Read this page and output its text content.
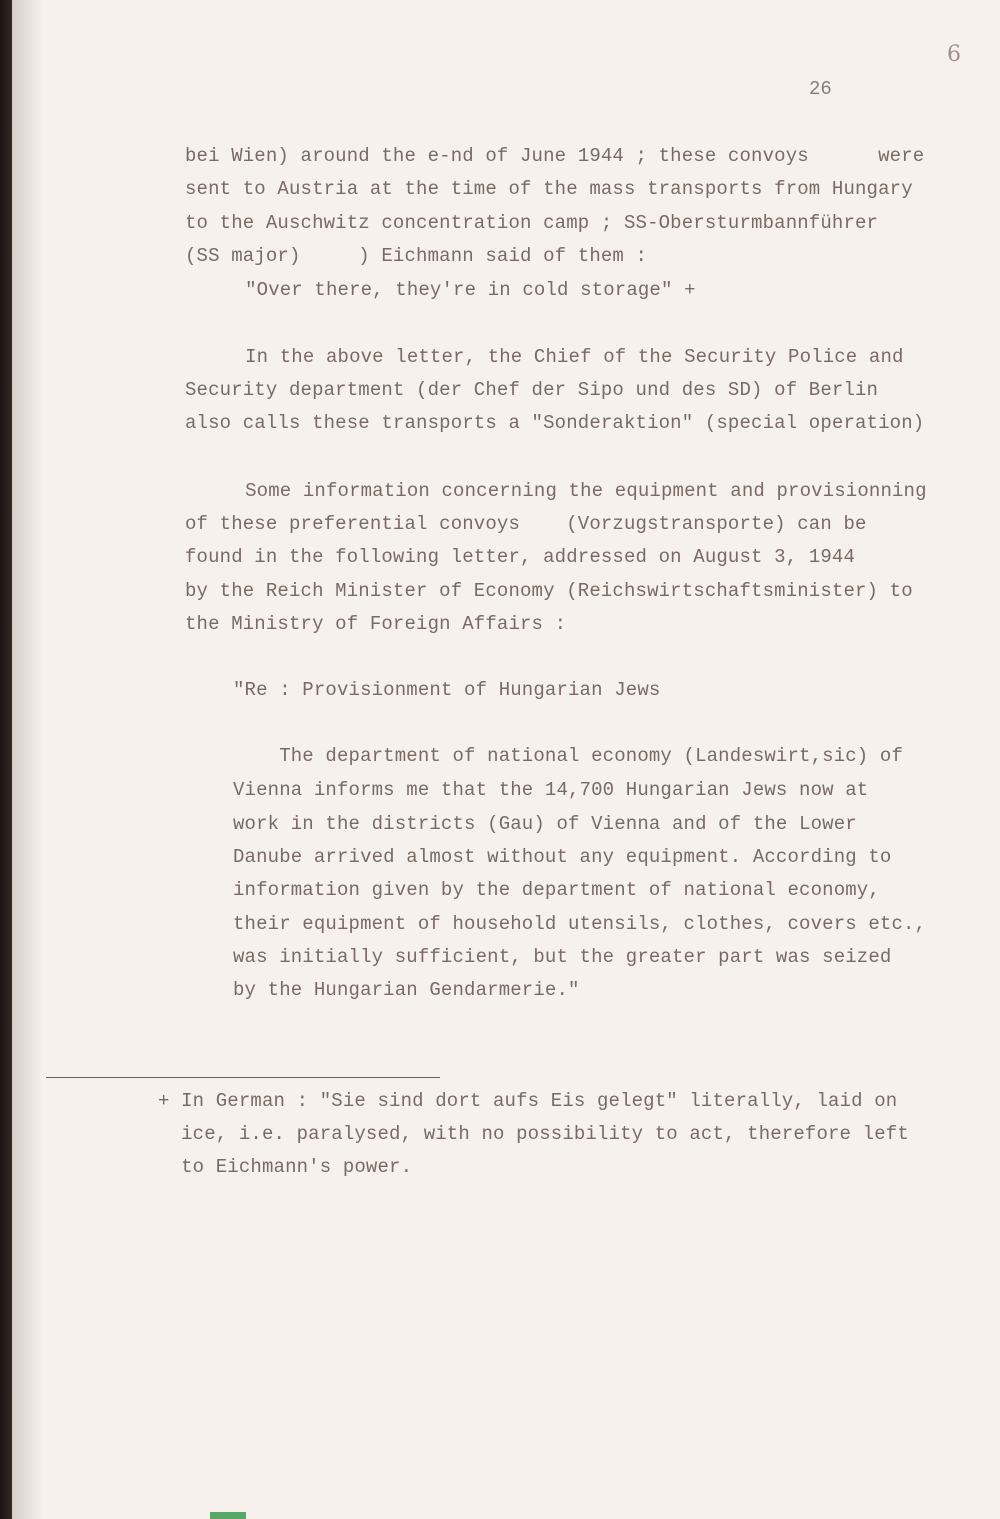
6
26
bei Wien) around the e-nd of June 1944 ; these convoys      were
sent to Austria at the time of the mass transports from Hungary
to the Auschwitz concentration camp ; SS-Obersturmbannführer
(SS major)     ) Eichmann said of them :
"Over there, they're in cold storage" +
In the above letter, the Chief of the Security Police and
Security department (der Chef der Sipo und des SD) of Berlin
also calls these transports a "Sonderaktion" (special operation)
Some information concerning the equipment and provisionning
of these preferential convoys    (Vorzugstransporte) can be
found in the following letter, addressed on August 3, 1944
by the Reich Minister of Economy (Reichswirtschaftsminister) to
the Ministry of Foreign Affairs :
"Re : Provisionment of Hungarian Jews
The department of national economy (Landeswirt,sic) of
Vienna informs me that the 14,700 Hungarian Jews now at
work in the districts (Gau) of Vienna and of the Lower
Danube arrived almost without any equipment. According to
information given by the department of national economy,
their equipment of household utensils, clothes, covers etc.,
was initially sufficient, but the greater part was seized
by the Hungarian Gendarmerie."
+ In German : "Sie sind dort aufs Eis gelegt" literally, laid on
ice, i.e. paralysed, with no possibility to act, therefore left
to Eichmann's power.
